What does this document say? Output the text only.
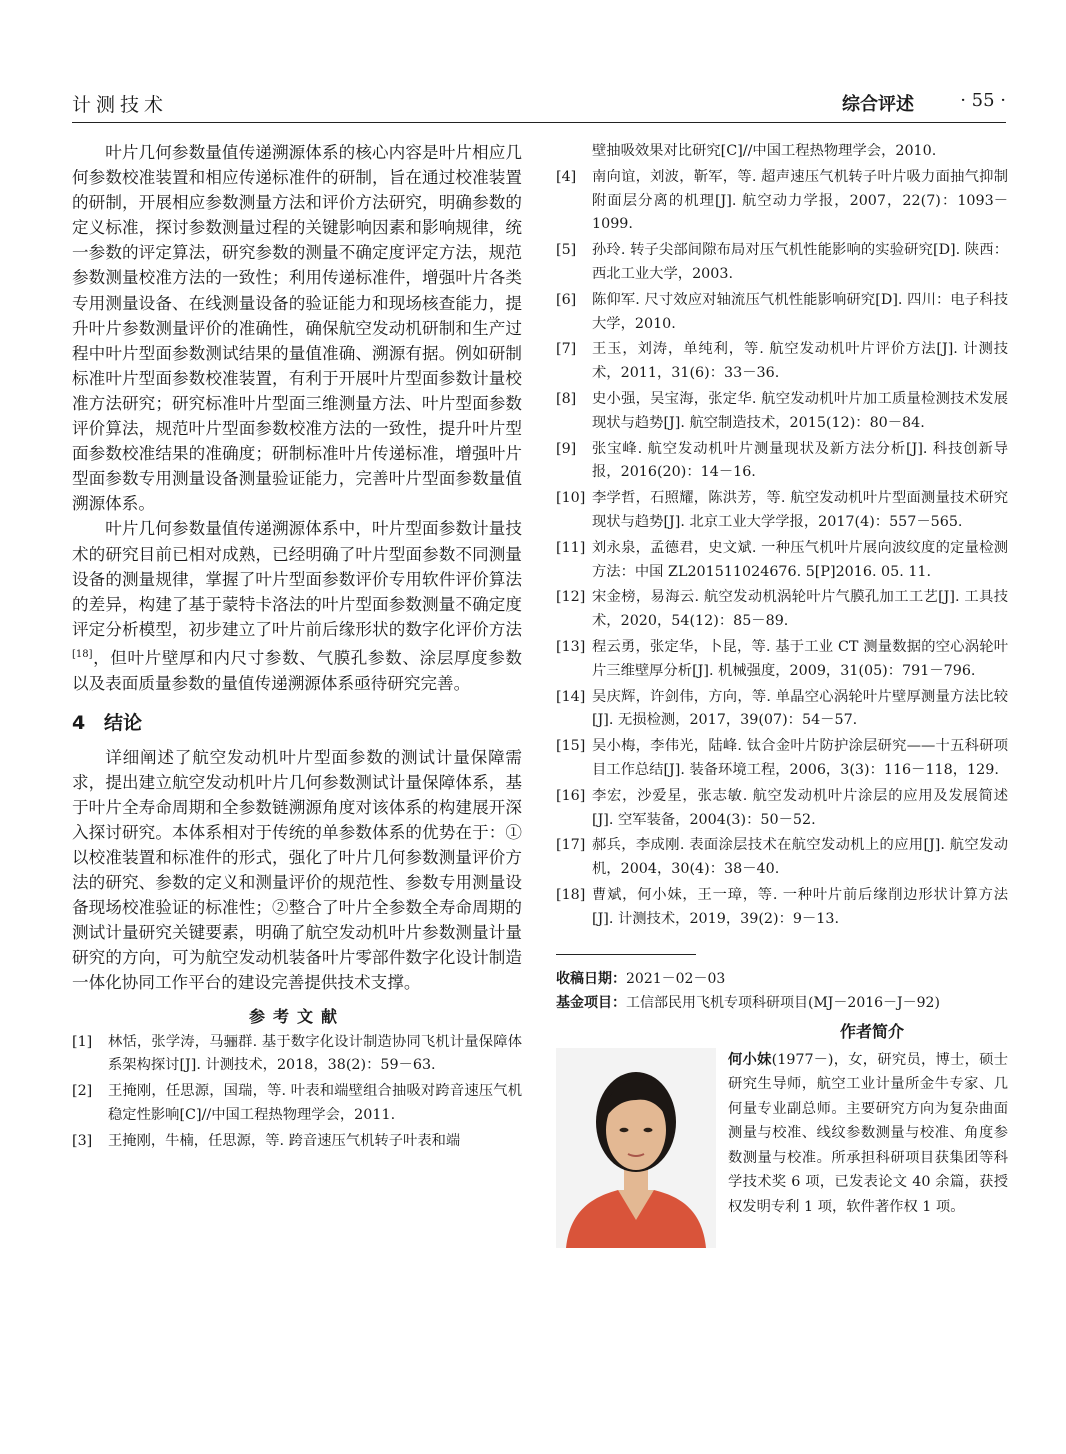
计测技术	综合评述	· 55 ·

叶片几何参数量值传递溯源体系的核心内容是叶片相应几何参数校准装置和相应传递标准件的研制，旨在通过校准装置的研制，开展相应参数测量方法和评价方法研究，明确参数的定义标准，探讨参数测量过程的关键影响因素和影响规律，统一参数的评定算法，研究参数的测量不确定度评定方法，规范参数测量校准方法的一致性；利用传递标准件，增强叶片各类专用测量设备、在线测量设备的验证能力和现场核查能力，提升叶片参数测量评价的准确性，确保航空发动机研制和生产过程中叶片型面参数测试结果的量值准确、溯源有据。例如研制标准叶片型面参数校准装置，有利于开展叶片型面参数计量校准方法研究；研究标准叶片型面三维测量方法、叶片型面参数评价算法，规范叶片型面参数校准方法的一致性，提升叶片型面参数校准结果的准确度；研制标准叶片传递标准，增强叶片型面参数专用测量设备测量验证能力，完善叶片型面参数量值溯源体系。

叶片几何参数量值传递溯源体系中，叶片型面参数计量技术的研究目前已相对成熟，已经明确了叶片型面参数不同测量设备的测量规律，掌握了叶片型面参数评价专用软件评价算法的差异，构建了基于蒙特卡洛法的叶片型面参数测量不确定度评定分析模型，初步建立了叶片前后缘形状的数字化评价方法[18]，但叶片壁厚和内尺寸参数、气膜孔参数、涂层厚度参数以及表面质量参数的量值传递溯源体系亟待研究完善。

4 结论

详细阐述了航空发动机叶片型面参数的测试计量保障需求，提出建立航空发动机叶片几何参数测试计量保障体系，基于叶片全寿命周期和全参数链溯源角度对该体系的构建展开深入探讨研究。本体系相对于传统的单参数体系的优势在于：①以校准装置和标准件的形式，强化了叶片几何参数测量评价方法的研究、参数的定义和测量评价的规范性、参数专用测量设备现场校准验证的标准性；②整合了叶片全参数全寿命周期的测试计量研究关键要素，明确了航空发动机叶片参数测量计量研究的方向，可为航空发动机装备叶片零部件数字化设计制造一体化协同工作平台的建设完善提供技术支撑。

参考文献

[1]	林恬，张学涛，马骊群. 基于数字化设计制造协同飞机计量保障体系架构探讨[J]. 计测技术，2018，38(2)：59－63.

[2]	王掩刚，任思源，国瑞，等. 叶表和端壁组合抽吸对跨音速压气机稳定性影响[C]//中国工程热物理学会，2011.

[3]	王掩刚，牛楠，任思源，等. 跨音速压气机转子叶表和端

壁抽吸效果对比研究[C]//中国工程热物理学会，2010.

[4]	南向谊，刘波，靳军，等. 超声速压气机转子叶片吸力面抽气抑制附面层分离的机理[J]. 航空动力学报，2007，22(7)：1093－1099.

[5]	孙玲. 转子尖部间隙布局对压气机性能影响的实验研究[D]. 陕西：西北工业大学，2003.

[6]	陈仰军. 尺寸效应对轴流压气机性能影响研究[D]. 四川：电子科技大学，2010.

[7]	王玉，刘涛，单纯利，等. 航空发动机叶片评价方法[J]. 计测技术，2011，31(6)：33－36.

[8]	史小强，吴宝海，张定华. 航空发动机叶片加工质量检测技术发展现状与趋势[J]. 航空制造技术，2015(12)：80－84.

[9]	张宝峰. 航空发动机叶片测量现状及新方法分析[J]. 科技创新导报，2016(20)：14－16.

[10] 李学哲，石照耀，陈洪芳，等. 航空发动机叶片型面测量技术研究现状与趋势[J]. 北京工业大学学报，2017(4)：557－565.

[11] 刘永泉，孟德君，史文斌. 一种压气机叶片展向波纹度的定量检测方法：中国 ZL201511024676. 5[P]2016. 05. 11.

[12] 宋金榜，易海云. 航空发动机涡轮叶片气膜孔加工工艺[J]. 工具技术，2020，54(12)：85－89.

[13] 程云勇，张定华，卜昆，等. 基于工业 CT 测量数据的空心涡轮叶片三维壁厚分析[J]. 机械强度，2009，31(05)：791－796.

[14] 吴庆辉，许剑伟，方向，等. 单晶空心涡轮叶片壁厚测量方法比较[J]. 无损检测，2017，39(07)：54－57.

[15] 吴小梅，李伟光，陆峰. 钛合金叶片防护涂层研究——十五科研项目工作总结[J]. 装备环境工程，2006，3(3)：116－118，129.

[16] 李宏，沙爱星，张志敏. 航空发动机叶片涂层的应用及发展简述[J]. 空军装备，2004(3)：50－52.

[17] 郝兵，李成刚. 表面涂层技术在航空发动机上的应用[J]. 航空发动机，2004，30(4)：38－40.

[18] 曹斌，何小妹，王一璋，等. 一种叶片前后缘削边形状计算方法[J]. 计测技术，2019，39(2)：9－13.

收稿日期：2021－02－03

基金项目：工信部民用飞机专项科研项目(MJ－2016－J－92)

作者简介

何小妹(1977－)，女，研究员，博士，硕士研究生导师，航空工业计量所金牛专家、几何量专业副总师。主要研究方向为复杂曲面测量与校准、线纹参数测量与校准、角度参数测量与校准。所承担科研项目获集团等科学技术奖 6 项，已发表论文 40 余篇，获授权发明专利 1 项，软件著作权 1 项。
